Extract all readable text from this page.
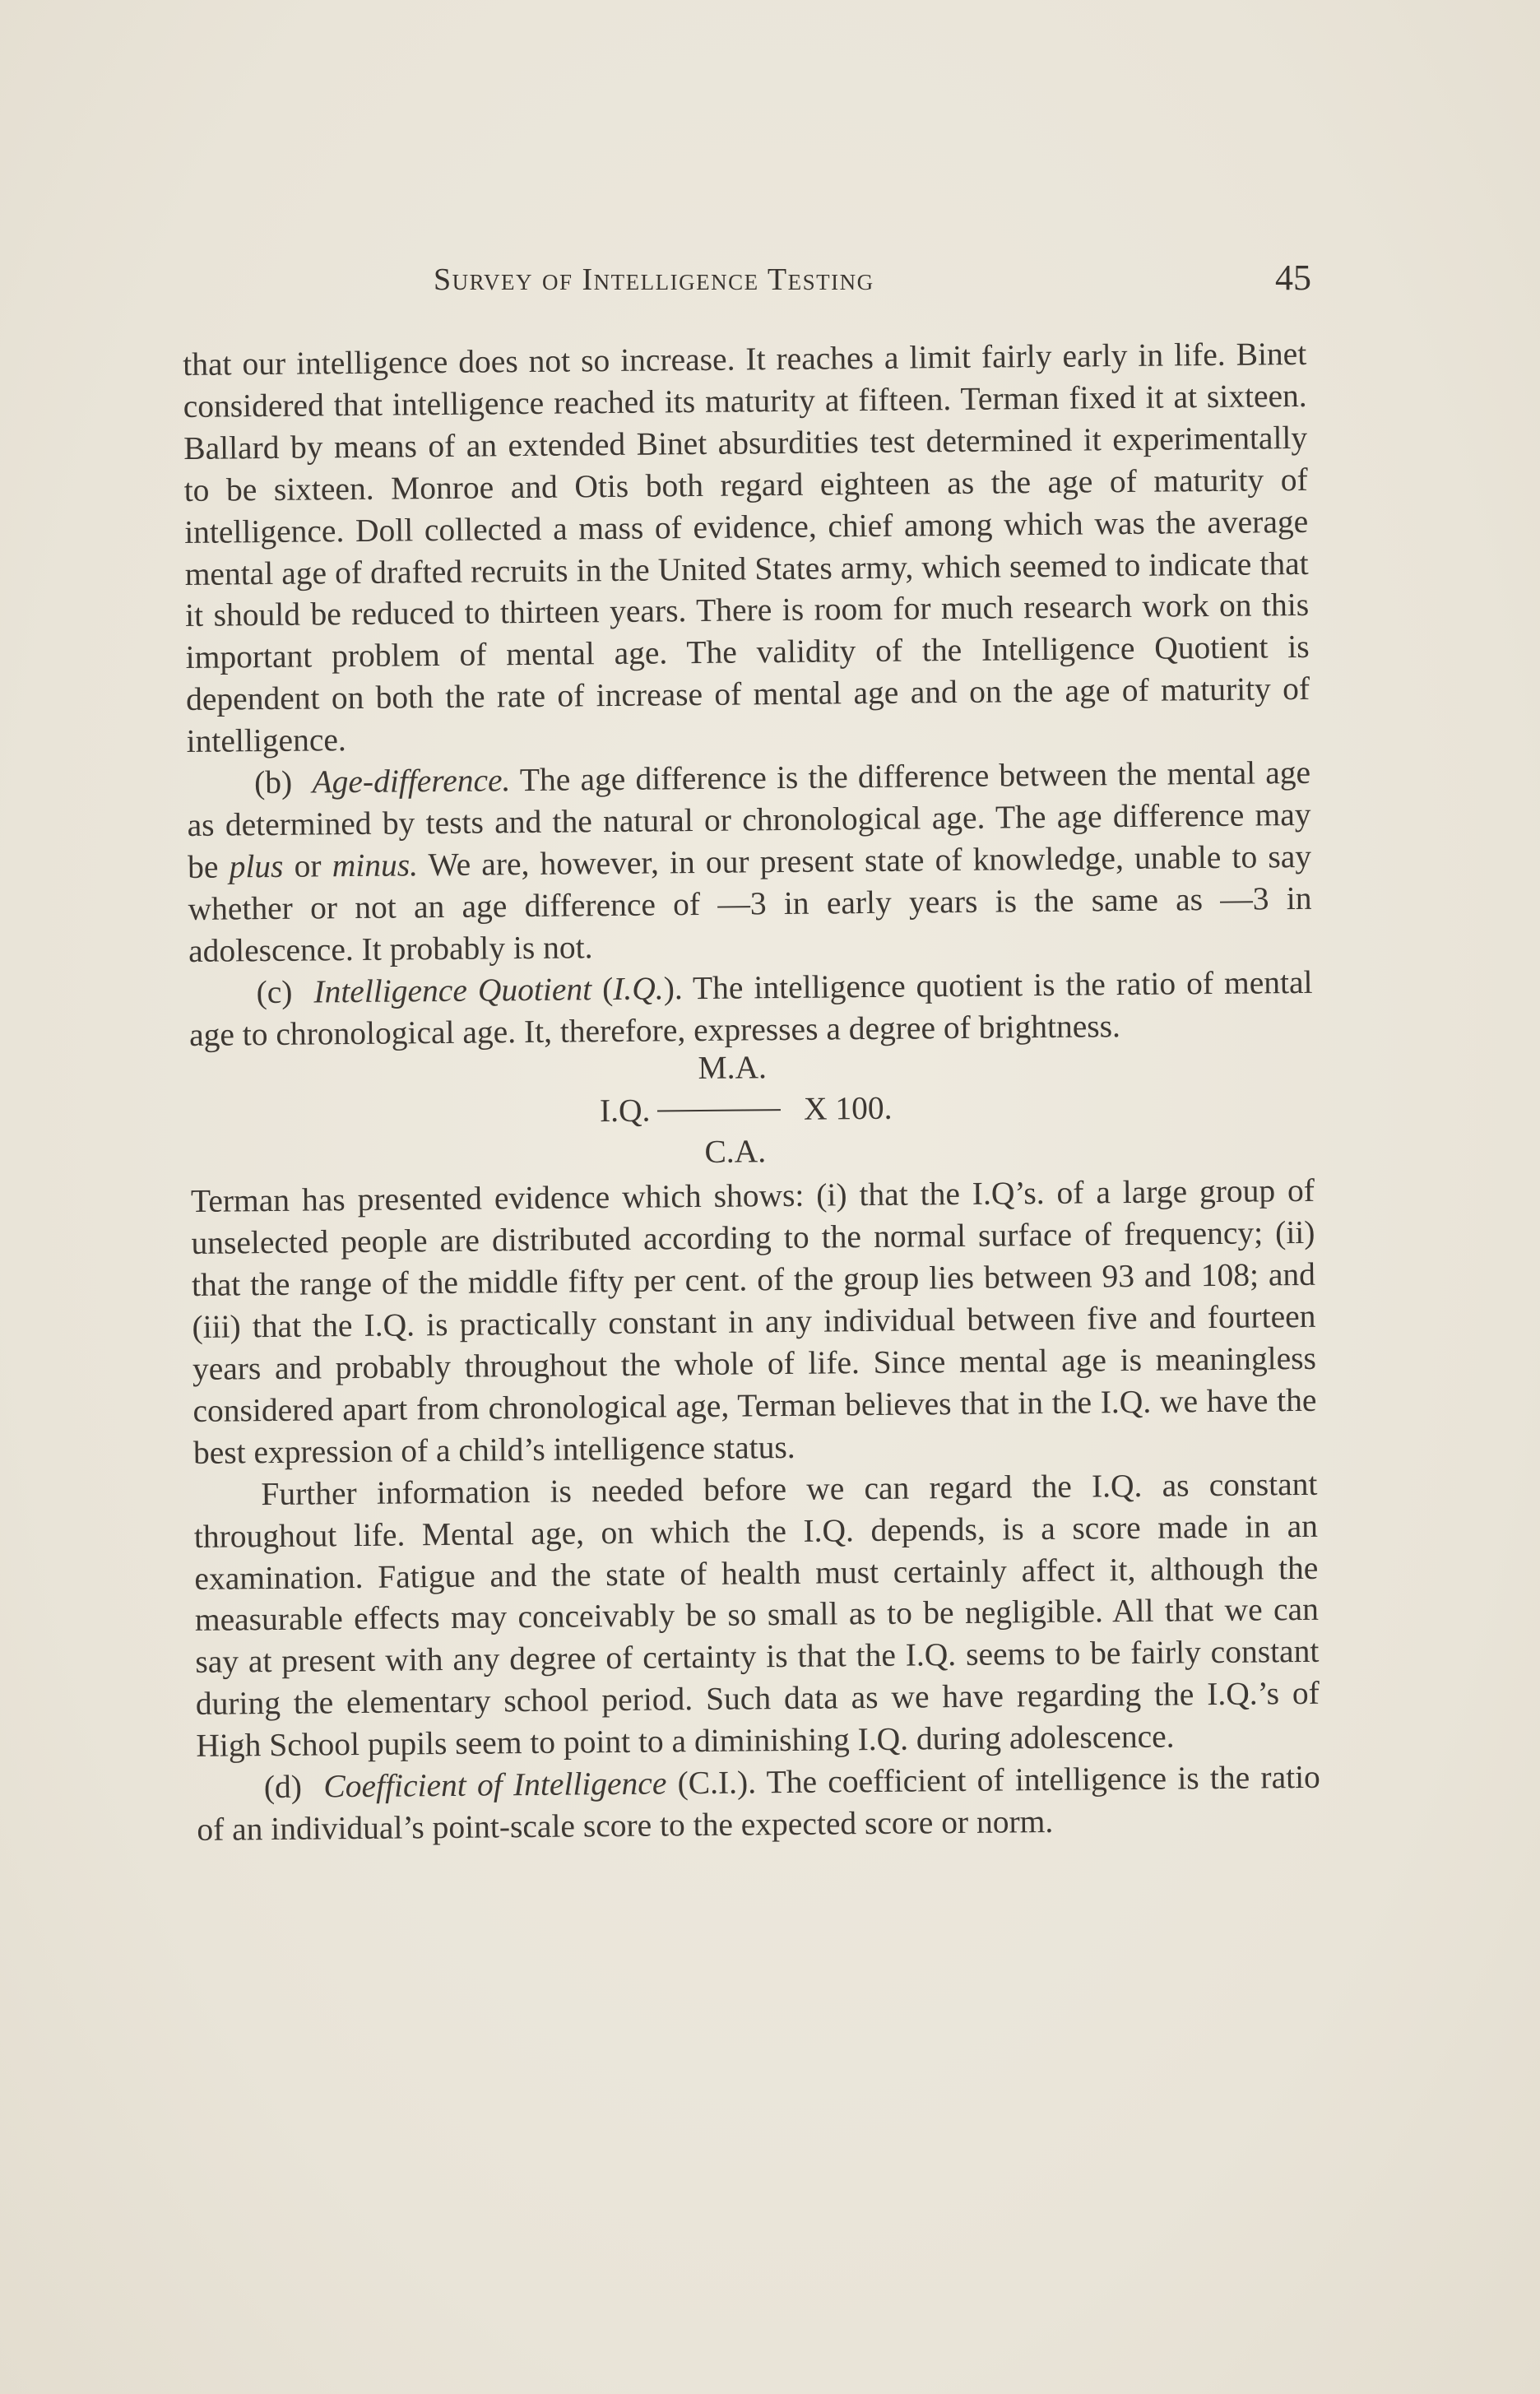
Survey of Intelligence Testing	45

that our intelligence does not so increase. It reaches a limit fairly early in life. Binet considered that intelligence reached its maturity at fifteen. Terman fixed it at sixteen. Ballard by means of an extended Binet absurdities test determined it experimentally to be sixteen. Monroe and Otis both regard eighteen as the age of maturity of intelligence. Doll collected a mass of evidence, chief among which was the average mental age of drafted recruits in the United States army, which seemed to indicate that it should be reduced to thirteen years. There is room for much research work on this important problem of mental age. The validity of the Intelligence Quotient is dependent on both the rate of increase of mental age and on the age of maturity of intelligence.

(b) Age-difference. The age difference is the difference between the mental age as determined by tests and the natural or chronological age. The age difference may be plus or minus. We are, however, in our present state of knowledge, unable to say whether or not an age difference of —3 in early years is the same as —3 in adolescence. It probably is not.

(c) Intelligence Quotient (I.Q.). The intelligence quotient is the ratio of mental age to chronological age. It, therefore, expresses a degree of brightness.

M.A.
I.Q.	X 100.
C.A.

Terman has presented evidence which shows: (i) that the I.Q’s. of a large group of unselected people are distributed according to the normal surface of frequency; (ii) that the range of the middle fifty per cent. of the group lies between 93 and 108; and (iii) that the I.Q. is practically constant in any individual between five and fourteen years and probably throughout the whole of life. Since mental age is meaningless considered apart from chronological age, Terman believes that in the I.Q. we have the best expression of a child’s intelligence status.

Further information is needed before we can regard the I.Q. as constant throughout life. Mental age, on which the I.Q. depends, is a score made in an examination. Fatigue and the state of health must certainly affect it, although the measurable effects may conceivably be so small as to be negligible. All that we can say at present with any degree of certainty is that the I.Q. seems to be fairly constant during the elementary school period. Such data as we have regarding the I.Q.’s of High School pupils seem to point to a diminishing I.Q. during adolescence.

(d) Coefficient of Intelligence (C.I.). The coefficient of intelligence is the ratio of an individual’s point-scale score to the expected score or norm.
